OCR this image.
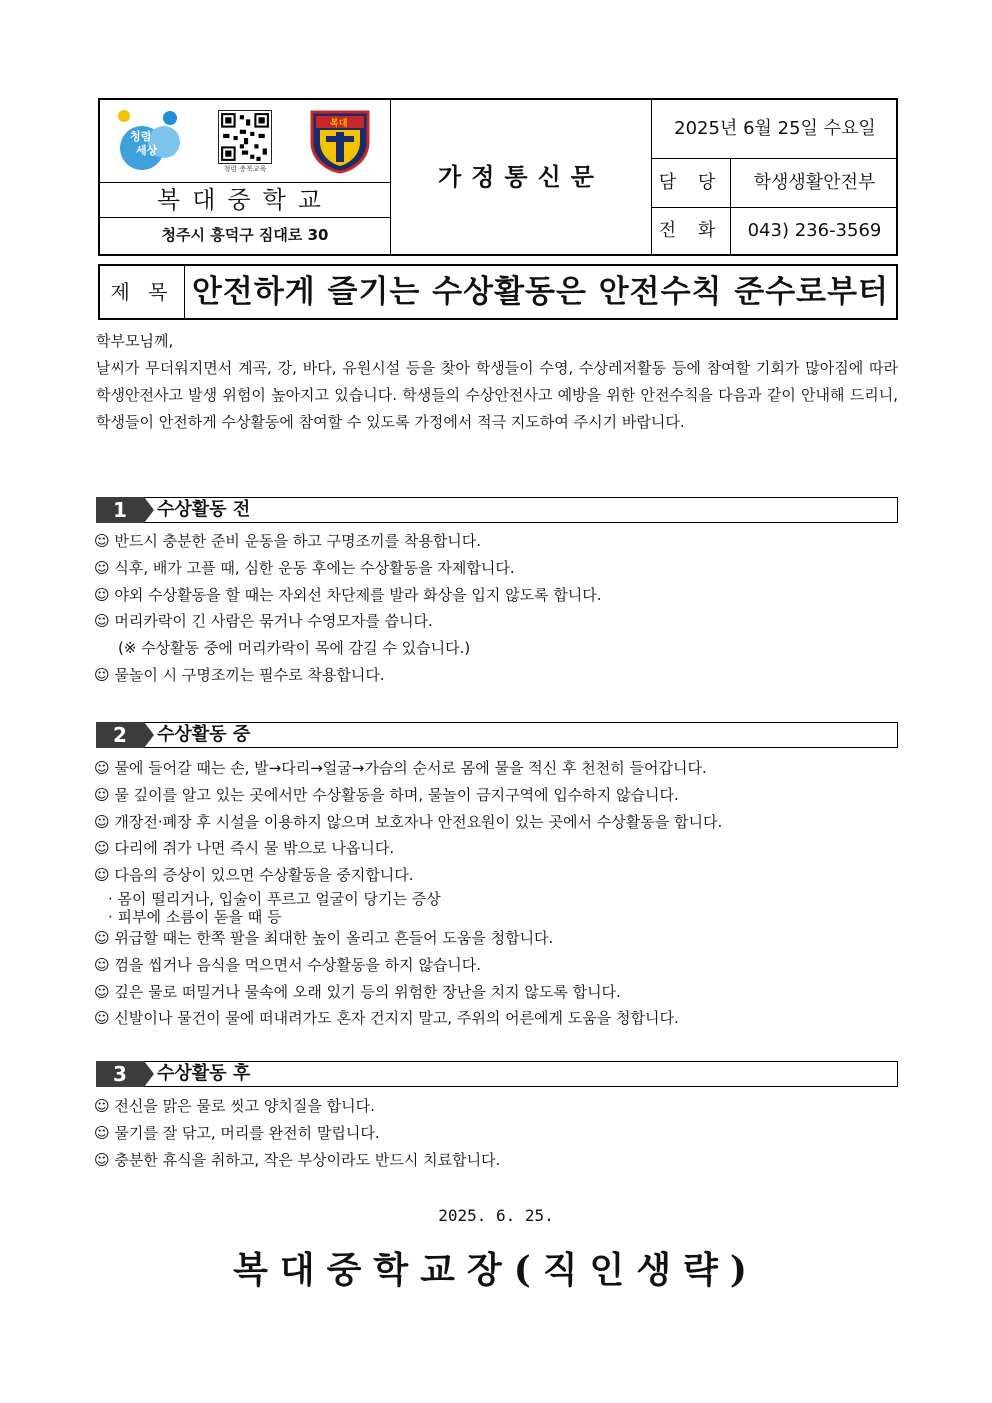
청렴
세상
청렴 충북교육
복대
복대중학교
청주시 흥덕구 짐대로 30
가정통신문
2025년 6월 25일 수요일
담 당	학생생활안전부
전 화	043) 236-3569
제 목 안전하게 즐기는 수상활동은 안전수칙 준수로부터

학부모님께,

날씨가 무더워지면서 계곡, 강, 바다, 유원시설 등을 찾아 학생들이 수영, 수상레저활동 등에 참여할 기회가 많아짐에 따라 학생안전사고 발생 위험이 높아지고 있습니다. 학생들의 수상안전사고 예방을 위한 안전수칙을 다음과 같이 안내해 드리니, 학생들이 안전하게 수상활동에 참여할 수 있도록 가정에서 적극 지도하여 주시기 바랍니다.

1	수상활동 전
☺ 반드시 충분한 준비 운동을 하고 구명조끼를 착용합니다.
☺ 식후, 배가 고플 때, 심한 운동 후에는 수상활동을 자제합니다.
☺ 야외 수상활동을 할 때는 자외선 차단제를 발라 화상을 입지 않도록 합니다.
☺ 머리카락이 긴 사람은 묶거나 수영모자를 씁니다.
(※ 수상활동 중에 머리카락이 목에 감길 수 있습니다.)
☺ 물놀이 시 구명조끼는 필수로 착용합니다.
2	수상활동 중
☺ 물에 들어갈 때는 손, 발→다리→얼굴→가슴의 순서로 몸에 물을 적신 후 천천히 들어갑니다.
☺ 물 깊이를 알고 있는 곳에서만 수상활동을 하며, 물놀이 금지구역에 입수하지 않습니다.
☺ 개장전·폐장 후 시설을 이용하지 않으며 보호자나 안전요원이 있는 곳에서 수상활동을 합니다.
☺ 다리에 쥐가 나면 즉시 물 밖으로 나옵니다.
☺ 다음의 증상이 있으면 수상활동을 중지합니다.
· 몸이 떨리거나, 입술이 푸르고 얼굴이 당기는 증상
· 피부에 소름이 돋을 때 등
☺ 위급할 때는 한쪽 팔을 최대한 높이 올리고 흔들어 도움을 청합니다.
☺ 껌을 씹거나 음식을 먹으면서 수상활동을 하지 않습니다.
☺ 깊은 물로 떠밀거나 물속에 오래 있기 등의 위험한 장난을 치지 않도록 합니다.
☺ 신발이나 물건이 물에 떠내려가도 혼자 건지지 말고, 주위의 어른에게 도움을 청합니다.
3	수상활동 후
☺ 전신을 맑은 물로 씻고 양치질을 합니다.
☺ 물기를 잘 닦고, 머리를 완전히 말립니다.
☺ 충분한 휴식을 취하고, 작은 부상이라도 반드시 치료합니다.
2025. 6. 25.
복대중학교장(직인생략)
